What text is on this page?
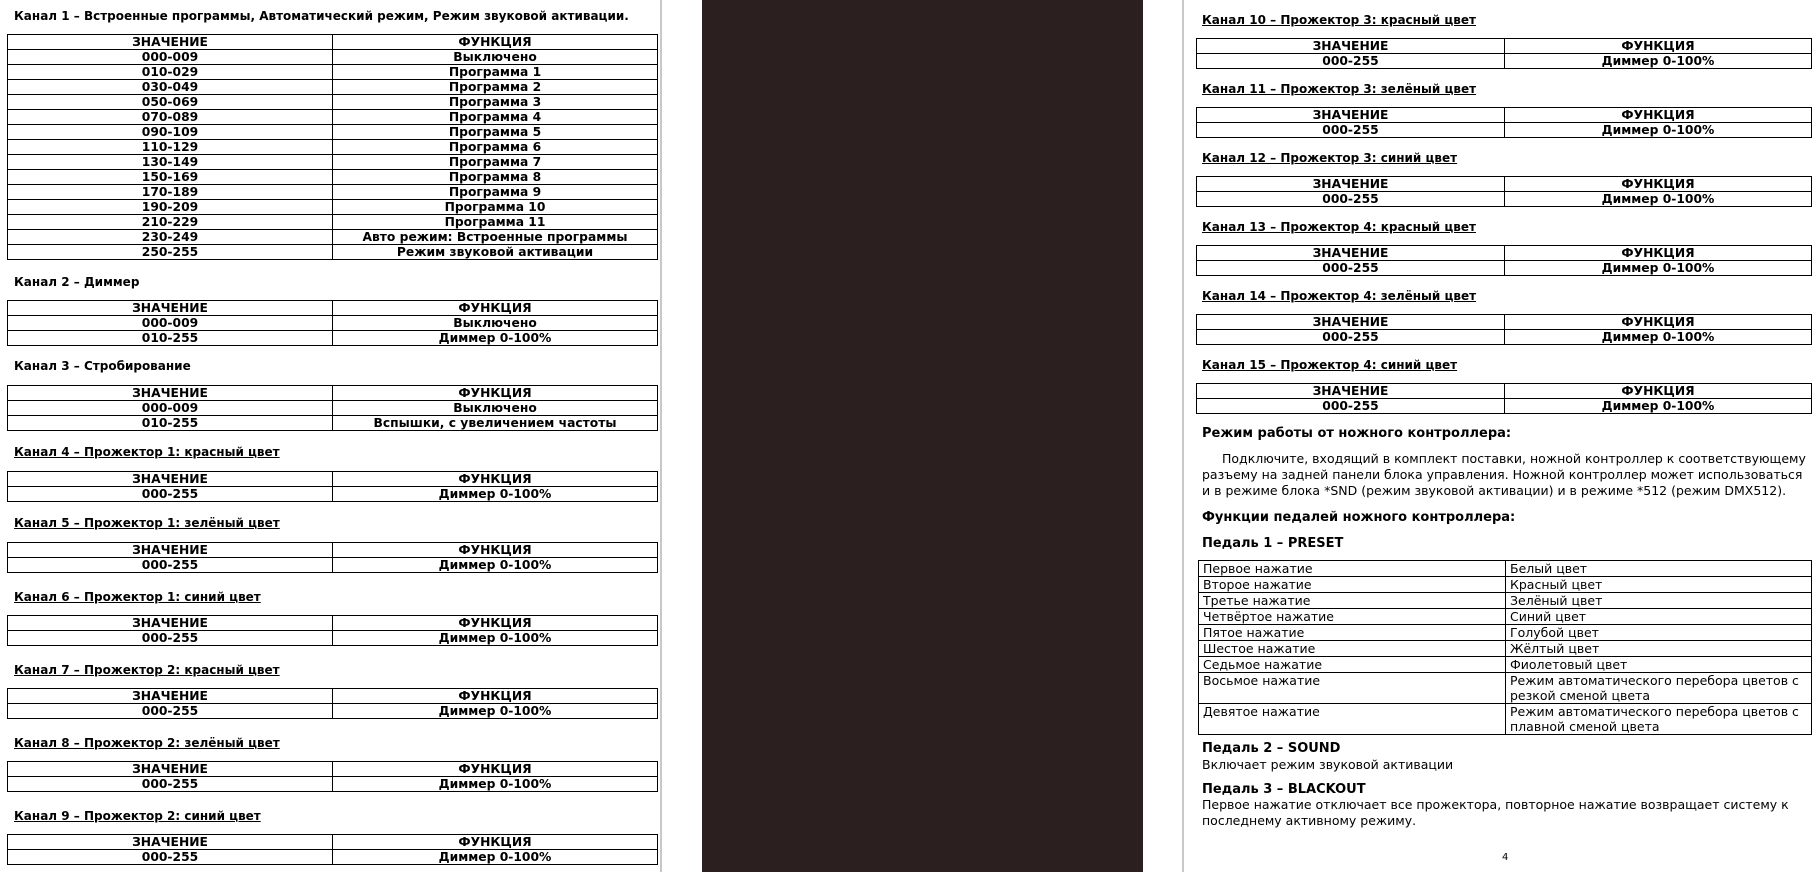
Канал 1 – Встроенные программы, Автоматический режим, Режим звуковой активации.
ЗНАЧЕНИЕ	ФУНКЦИЯ
000-009	Выключено
010-029	Программа 1
030-049	Программа 2
050-069	Программа 3
070-089	Программа 4
090-109	Программа 5
110-129	Программа 6
130-149	Программа 7
150-169	Программа 8
170-189	Программа 9
190-209	Программа 10
210-229	Программа 11
230-249	Авто режим: Встроенные программы
250-255	Режим звуковой активации
Канал 2 – Диммер
ЗНАЧЕНИЕ	ФУНКЦИЯ
000-009	Выключено
010-255	Диммер 0-100%
Канал 3 – Стробирование
ЗНАЧЕНИЕ	ФУНКЦИЯ
000-009	Выключено
010-255	Вспышки, с увеличением частоты
Канал 4 – Прожектор 1: красный цвет
ЗНАЧЕНИЕ	ФУНКЦИЯ
000-255	Диммер 0-100%
Канал 5 – Прожектор 1: зелёный цвет
ЗНАЧЕНИЕ	ФУНКЦИЯ
000-255	Диммер 0-100%
Канал 6 – Прожектор 1: синий цвет
ЗНАЧЕНИЕ	ФУНКЦИЯ
000-255	Диммер 0-100%
Канал 7 – Прожектор 2: красный цвет
ЗНАЧЕНИЕ	ФУНКЦИЯ
000-255	Диммер 0-100%
Канал 8 – Прожектор 2: зелёный цвет
ЗНАЧЕНИЕ	ФУНКЦИЯ
000-255	Диммер 0-100%
Канал 9 – Прожектор 2: синий цвет
ЗНАЧЕНИЕ	ФУНКЦИЯ
000-255	Диммер 0-100%
Канал 10 – Прожектор 3: красный цвет
ЗНАЧЕНИЕ	ФУНКЦИЯ
000-255	Диммер 0-100%
Канал 11 – Прожектор 3: зелёный цвет
ЗНАЧЕНИЕ	ФУНКЦИЯ
000-255	Диммер 0-100%
Канал 12 – Прожектор 3: синий цвет
ЗНАЧЕНИЕ	ФУНКЦИЯ
000-255	Диммер 0-100%
Канал 13 – Прожектор 4: красный цвет
ЗНАЧЕНИЕ	ФУНКЦИЯ
000-255	Диммер 0-100%
Канал 14 – Прожектор 4: зелёный цвет
ЗНАЧЕНИЕ	ФУНКЦИЯ
000-255	Диммер 0-100%
Канал 15 – Прожектор 4: синий цвет
ЗНАЧЕНИЕ	ФУНКЦИЯ
000-255	Диммер 0-100%
Режим работы от ножного контроллера:
Подключите, входящий в комплект поставки, ножной контроллер к соответствующему разъему на задней панели блока управления. Ножной контроллер может использоваться и в режиме блока *SND (режим звуковой активации) и в режиме *512 (режим DMX512).
Функции педалей ножного контроллера:
Педаль 1 – PRESET
Первое нажатие	Белый цвет
Второе нажатие	Красный цвет
Третье нажатие	Зелёный цвет
Четвёртое нажатие	Синий цвет
Пятое нажатие	Голубой цвет
Шестое нажатие	Жёлтый цвет
Седьмое нажатие	Фиолетовый цвет
Восьмое нажатие	Режим автоматического перебора цветов с резкой сменой цвета
Девятое нажатие	Режим автоматического перебора цветов с плавной сменой цвета
Педаль 2 – SOUND
Включает режим звуковой активации
Педаль 3 – BLACKOUT
Первое нажатие отключает все прожектора, повторное нажатие возвращает систему к последнему активному режиму.
4
